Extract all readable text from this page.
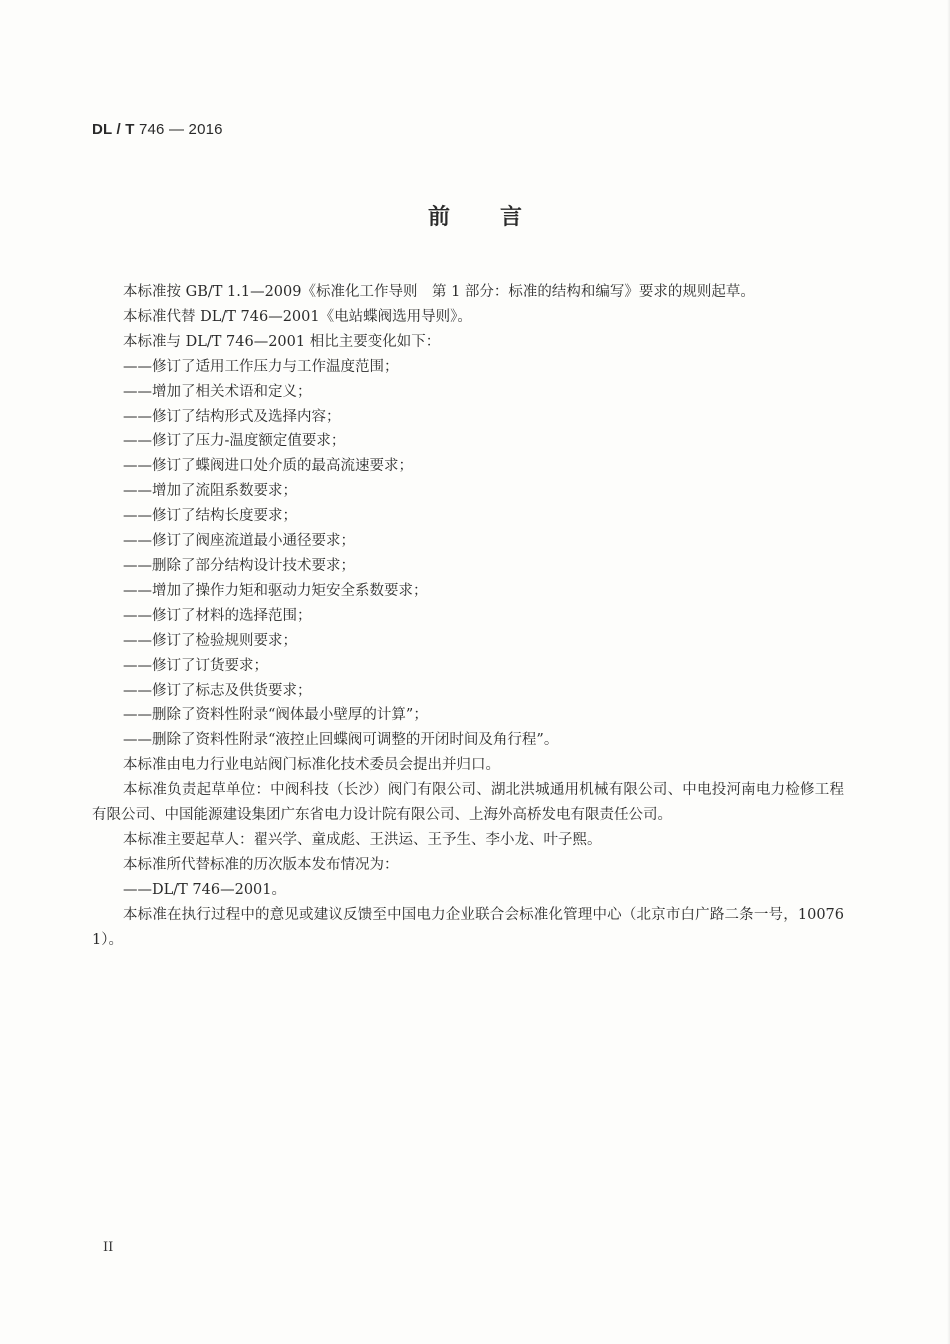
DL / T 746 — 2016
前言

本标准按 GB/T 1.1—2009《标准化工作导则　第 1 部分：标准的结构和编写》要求的规则起草。

本标准代替 DL/T 746—2001《电站蝶阀选用导则》。

本标准与 DL/T 746—2001 相比主要变化如下：

——修订了适用工作压力与工作温度范围；

——增加了相关术语和定义；

——修订了结构形式及选择内容；

——修订了压力-温度额定值要求；

——修订了蝶阀进口处介质的最高流速要求；

——增加了流阻系数要求；

——修订了结构长度要求；

——修订了阀座流道最小通径要求；

——删除了部分结构设计技术要求；

——增加了操作力矩和驱动力矩安全系数要求；

——修订了材料的选择范围；

——修订了检验规则要求；

——修订了订货要求；

——修订了标志及供货要求；

——删除了资料性附录“阀体最小壁厚的计算”；

——删除了资料性附录“液控止回蝶阀可调整的开闭时间及角行程”。

本标准由电力行业电站阀门标准化技术委员会提出并归口。

本标准负责起草单位：中阀科技（长沙）阀门有限公司、湖北洪城通用机械有限公司、中电投河南电力检修工程有限公司、中国能源建设集团广东省电力设计院有限公司、上海外高桥发电有限责任公司。

本标准主要起草人：翟兴学、童成彪、王洪运、王予生、李小龙、叶子熙。

本标准所代替标准的历次版本发布情况为：

——DL/T 746—2001。

本标准在执行过程中的意见或建议反馈至中国电力企业联合会标准化管理中心（北京市白广路二条一号，100761）。

II
